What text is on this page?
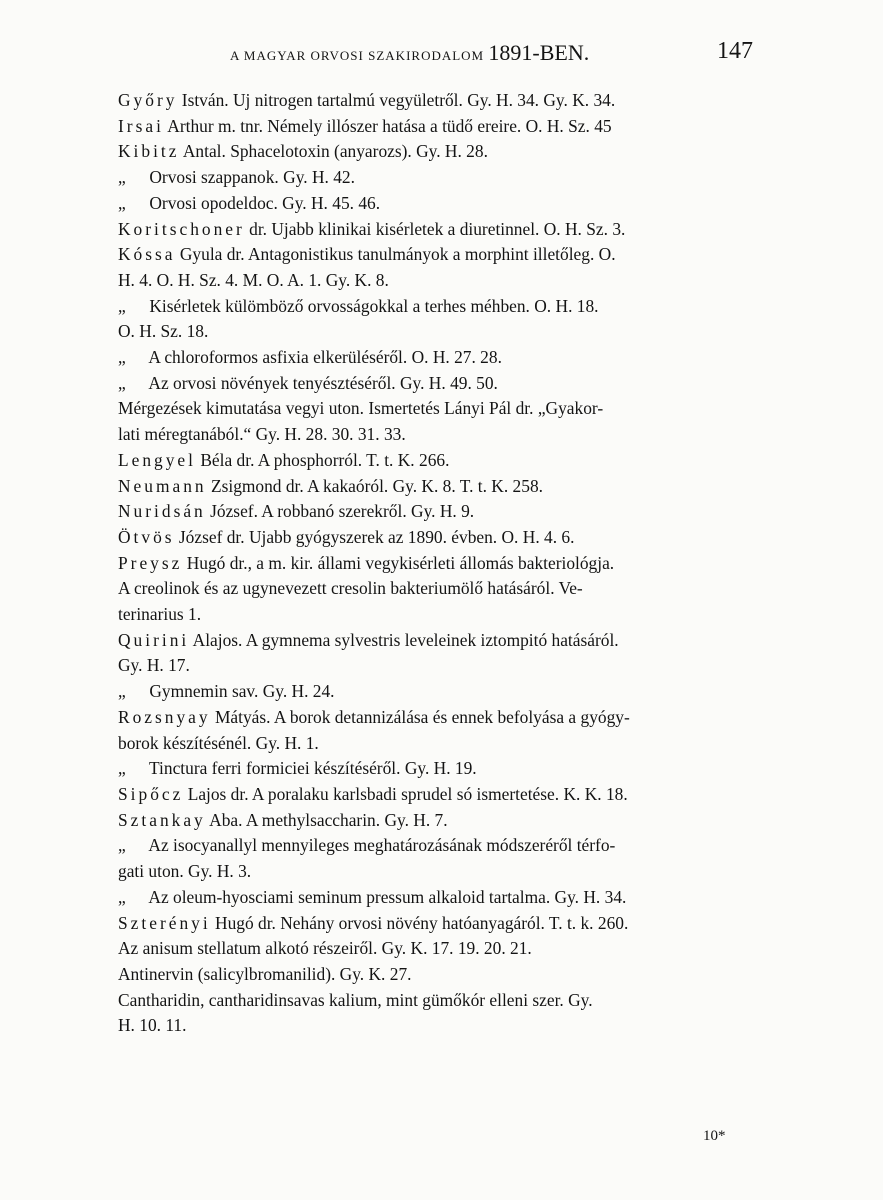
A MAGYAR ORVOSI SZAKIRODALOM 1891-BEN.	147
Győry István. Uj nitrogen tartalmú vegyületről. Gy. H. 34. Gy. K. 34.
Irsai Arthur m. tnr. Némely illószer hatása a tüdő ereire. O. H. Sz. 45
Kibitz Antal. Sphacelotoxin (anyarozs). Gy. H. 28.
„ Orvosi szappanok. Gy. H. 42.
„ Orvosi opodeldoc. Gy. H. 45. 46.
Koritschoner dr. Ujabb klinikai kisérletek a diuretinnel. O. H. Sz. 3.
Kóssa Gyula dr. Antagonistikus tanulmányok a morphint illetőleg. O.
H. 4. O. H. Sz. 4. M. O. A. 1. Gy. K. 8.
„ Kisérletek külömböző orvosságokkal a terhes méhben. O. H. 18.
O. H. Sz. 18.
„ A chloroformos asfixia elkerüléséről. O. H. 27. 28.
„ Az orvosi növények tenyésztéséről. Gy. H. 49. 50.
Mérgezések kimutatása vegyi uton. Ismertetés Lányi Pál dr. „Gyakor-
lati méregtanából.“ Gy. H. 28. 30. 31. 33.
Lengyel Béla dr. A phosphorról. T. t. K. 266.
Neumann Zsigmond dr. A kakaóról. Gy. K. 8. T. t. K. 258.
Nuridsán József. A robbanó szerekről. Gy. H. 9.
Ötvös József dr. Ujabb gyógyszerek az 1890. évben. O. H. 4. 6.
Preysz Hugó dr., a m. kir. állami vegykisérleti állomás bakteriológja.
A creolinok és az ugynevezett cresolin bakteriumölő hatásáról. Ve-
terinarius 1.
Quirini Alajos. A gymnema sylvestris leveleinek iztompitó hatásáról.
Gy. H. 17.
„ Gymnemin sav. Gy. H. 24.
Rozsnyay Mátyás. A borok detannizálása és ennek befolyása a gyógy-
borok készítésénél. Gy. H. 1.
„ Tinctura ferri formiciei készítéséről. Gy. H. 19.
Sipőcz Lajos dr. A poralaku karlsbadi sprudel só ismertetése. K. K. 18.
Sztankay Aba. A methylsaccharin. Gy. H. 7.
„ Az isocyanallyl mennyileges meghatározásának módszeréről térfo-
gati uton. Gy. H. 3.
„ Az oleum-hyosciami seminum pressum alkaloid tartalma. Gy. H. 34.
Szterényi Hugó dr. Nehány orvosi növény hatóanyagáról. T. t. k. 260.
Az anisum stellatum alkotó részeiről. Gy. K. 17. 19. 20. 21.
Antinervin (salicylbromanilid). Gy. K. 27.
Cantharidin, cantharidinsavas kalium, mint gümőkór elleni szer. Gy.
H. 10. 11.
10*
